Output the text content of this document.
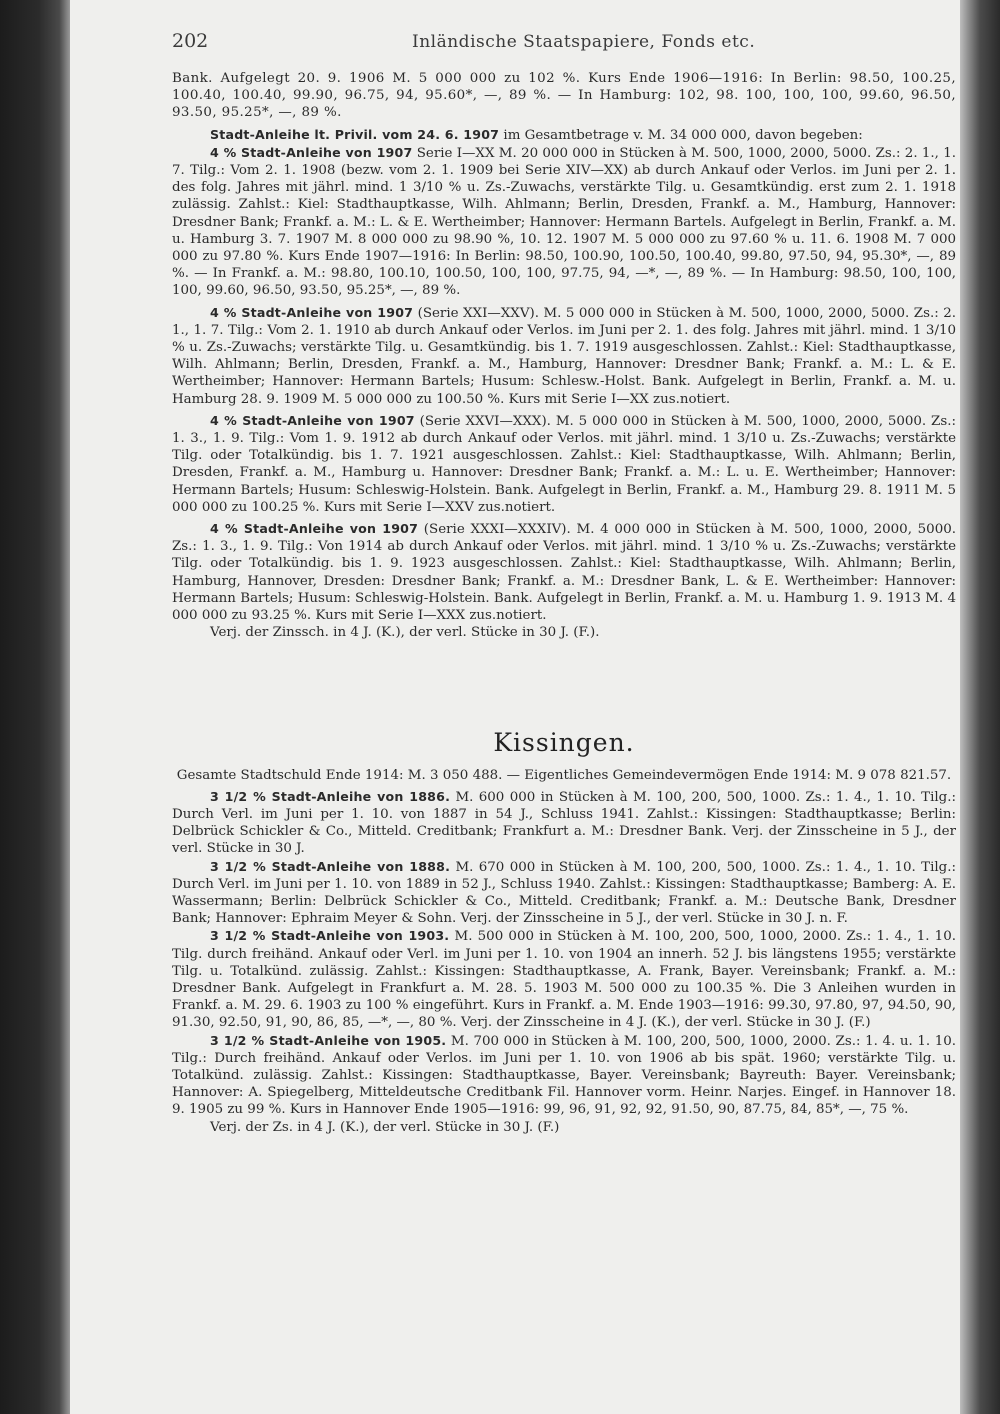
202	Inländische Staatspapiere, Fonds etc.

Bank. Aufgelegt 20. 9. 1906 M. 5 000 000 zu 102 %. Kurs Ende 1906—1916: In Berlin: 98.50, 100.25, 100.40, 100.40, 99.90, 96.75, 94, 95.60*, —, 89 %. — In Hamburg: 102, 98. 100, 100, 100, 99.60, 96.50, 93.50, 95.25*, —, 89 %.

Stadt-Anleihe lt. Privil. vom 24. 6. 1907 im Gesamtbetrage v. M. 34 000 000, davon begeben:

4 % Stadt-Anleihe von 1907 Serie I—XX M. 20 000 000 in Stücken à M. 500, 1000, 2000, 5000. Zs.: 2. 1., 1. 7. Tilg.: Vom 2. 1. 1908 (bezw. vom 2. 1. 1909 bei Serie XIV—XX) ab durch Ankauf oder Verlos. im Juni per 2. 1. des folg. Jahres mit jährl. mind. 1 3/10 % u. Zs.-Zuwachs, verstärkte Tilg. u. Gesamtkündig. erst zum 2. 1. 1918 zulässig. Zahlst.: Kiel: Stadthauptkasse, Wilh. Ahlmann; Berlin, Dresden, Frankf. a. M., Hamburg, Hannover: Dresdner Bank; Frankf. a. M.: L. & E. Wertheimber; Hannover: Hermann Bartels. Aufgelegt in Berlin, Frankf. a. M. u. Hamburg 3. 7. 1907 M. 8 000 000 zu 98.90 %, 10. 12. 1907 M. 5 000 000 zu 97.60 % u. 11. 6. 1908 M. 7 000 000 zu 97.80 %. Kurs Ende 1907—1916: In Berlin: 98.50, 100.90, 100.50, 100.40, 99.80, 97.50, 94, 95.30*, —, 89 %. — In Frankf. a. M.: 98.80, 100.10, 100.50, 100, 100, 97.75, 94, —*, —, 89 %. — In Hamburg: 98.50, 100, 100, 100, 99.60, 96.50, 93.50, 95.25*, —, 89 %.

4 % Stadt-Anleihe von 1907 (Serie XXI—XXV). M. 5 000 000 in Stücken à M. 500, 1000, 2000, 5000. Zs.: 2. 1., 1. 7. Tilg.: Vom 2. 1. 1910 ab durch Ankauf oder Verlos. im Juni per 2. 1. des folg. Jahres mit jährl. mind. 1 3/10 % u. Zs.-Zuwachs; verstärkte Tilg. u. Gesamtkündig. bis 1. 7. 1919 ausgeschlossen. Zahlst.: Kiel: Stadthauptkasse, Wilh. Ahlmann; Berlin, Dresden, Frankf. a. M., Hamburg, Hannover: Dresdner Bank; Frankf. a. M.: L. & E. Wertheimber; Hannover: Hermann Bartels; Husum: Schlesw.-Holst. Bank. Aufgelegt in Berlin, Frankf. a. M. u. Hamburg 28. 9. 1909 M. 5 000 000 zu 100.50 %. Kurs mit Serie I—XX zus.notiert.

4 % Stadt-Anleihe von 1907 (Serie XXVI—XXX). M. 5 000 000 in Stücken à M. 500, 1000, 2000, 5000. Zs.: 1. 3., 1. 9. Tilg.: Vom 1. 9. 1912 ab durch Ankauf oder Verlos. mit jährl. mind. 1 3/10 u. Zs.-Zuwachs; verstärkte Tilg. oder Totalkündig. bis 1. 7. 1921 ausgeschlossen. Zahlst.: Kiel: Stadthauptkasse, Wilh. Ahlmann; Berlin, Dresden, Frankf. a. M., Hamburg u. Hannover: Dresdner Bank; Frankf. a. M.: L. u. E. Wertheimber; Hannover: Hermann Bartels; Husum: Schleswig-Holstein. Bank. Aufgelegt in Berlin, Frankf. a. M., Hamburg 29. 8. 1911 M. 5 000 000 zu 100.25 %. Kurs mit Serie I—XXV zus.notiert.

4 % Stadt-Anleihe von 1907 (Serie XXXI—XXXIV). M. 4 000 000 in Stücken à M. 500, 1000, 2000, 5000. Zs.: 1. 3., 1. 9. Tilg.: Von 1914 ab durch Ankauf oder Verlos. mit jährl. mind. 1 3/10 % u. Zs.-Zuwachs; verstärkte Tilg. oder Totalkündig. bis 1. 9. 1923 ausgeschlossen. Zahlst.: Kiel: Stadthauptkasse, Wilh. Ahlmann; Berlin, Hamburg, Hannover, Dresden: Dresdner Bank; Frankf. a. M.: Dresdner Bank, L. & E. Wertheimber: Hannover: Hermann Bartels; Husum: Schleswig-Holstein. Bank. Aufgelegt in Berlin, Frankf. a. M. u. Hamburg 1. 9. 1913 M. 4 000 000 zu 93.25 %. Kurs mit Serie I—XXX zus.notiert.

Verj. der Zinssch. in 4 J. (K.), der verl. Stücke in 30 J. (F.).

Kissingen.

Gesamte Stadtschuld Ende 1914: M. 3 050 488. — Eigentliches Gemeindevermögen Ende 1914: M. 9 078 821.57.

3 1/2 % Stadt-Anleihe von 1886. M. 600 000 in Stücken à M. 100, 200, 500, 1000. Zs.: 1. 4., 1. 10. Tilg.: Durch Verl. im Juni per 1. 10. von 1887 in 54 J., Schluss 1941. Zahlst.: Kissingen: Stadthauptkasse; Berlin: Delbrück Schickler & Co., Mitteld. Creditbank; Frankfurt a. M.: Dresdner Bank. Verj. der Zinsscheine in 5 J., der verl. Stücke in 30 J.

3 1/2 % Stadt-Anleihe von 1888. M. 670 000 in Stücken à M. 100, 200, 500, 1000. Zs.: 1. 4., 1. 10. Tilg.: Durch Verl. im Juni per 1. 10. von 1889 in 52 J., Schluss 1940. Zahlst.: Kissingen: Stadthauptkasse; Bamberg: A. E. Wassermann; Berlin: Delbrück Schickler & Co., Mitteld. Creditbank; Frankf. a. M.: Deutsche Bank, Dresdner Bank; Hannover: Ephraim Meyer & Sohn. Verj. der Zinsscheine in 5 J., der verl. Stücke in 30 J. n. F.

3 1/2 % Stadt-Anleihe von 1903. M. 500 000 in Stücken à M. 100, 200, 500, 1000, 2000. Zs.: 1. 4., 1. 10. Tilg. durch freihänd. Ankauf oder Verl. im Juni per 1. 10. von 1904 an innerh. 52 J. bis längstens 1955; verstärkte Tilg. u. Totalkünd. zulässig. Zahlst.: Kissingen: Stadthauptkasse, A. Frank, Bayer. Vereinsbank; Frankf. a. M.: Dresdner Bank. Aufgelegt in Frankfurt a. M. 28. 5. 1903 M. 500 000 zu 100.35 %. Die 3 Anleihen wurden in Frankf. a. M. 29. 6. 1903 zu 100 % eingeführt. Kurs in Frankf. a. M. Ende 1903—1916: 99.30, 97.80, 97, 94.50, 90, 91.30, 92.50, 91, 90, 86, 85, —*, —, 80 %. Verj. der Zinsscheine in 4 J. (K.), der verl. Stücke in 30 J. (F.)

3 1/2 % Stadt-Anleihe von 1905. M. 700 000 in Stücken à M. 100, 200, 500, 1000, 2000. Zs.: 1. 4. u. 1. 10. Tilg.: Durch freihänd. Ankauf oder Verlos. im Juni per 1. 10. von 1906 ab bis spät. 1960; verstärkte Tilg. u. Totalkünd. zulässig. Zahlst.: Kissingen: Stadthauptkasse, Bayer. Vereinsbank; Bayreuth: Bayer. Vereinsbank; Hannover: A. Spiegelberg, Mitteldeutsche Creditbank Fil. Hannover vorm. Heinr. Narjes. Eingef. in Hannover 18. 9. 1905 zu 99 %. Kurs in Hannover Ende 1905—1916: 99, 96, 91, 92, 92, 91.50, 90, 87.75, 84, 85*, —, 75 %.

Verj. der Zs. in 4 J. (K.), der verl. Stücke in 30 J. (F.)
